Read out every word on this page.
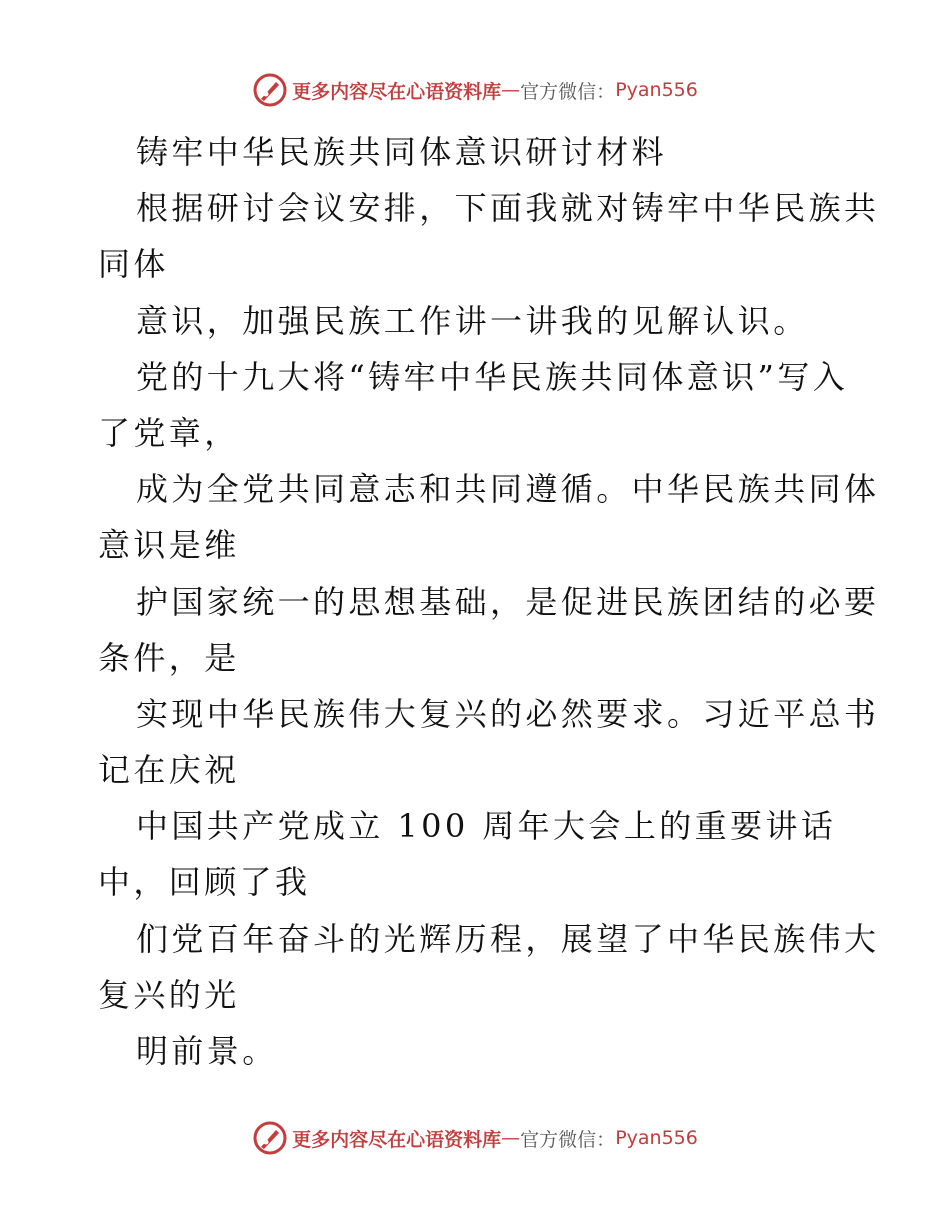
更多内容尽在心语资料库 — 官方微信： Pyan556
铸牢中华民族共同体意识研讨材料
根据研讨会议安排，下面我就对铸牢中华民族共
同体
意识，加强民族工作讲一讲我的见解认识。
党的十九大将“铸牢中华民族共同体意识”写入
了党章，
成为全党共同意志和共同遵循。中华民族共同体
意识是维
护国家统一的思想基础，是促进民族团结的必要
条件，是
实现中华民族伟大复兴的必然要求。习近平总书
记在庆祝
中国共产党成立 100 周年大会上的重要讲话
中，回顾了我
们党百年奋斗的光辉历程，展望了中华民族伟大
复兴的光
明前景。
更多内容尽在心语资料库 — 官方微信： Pyan556
